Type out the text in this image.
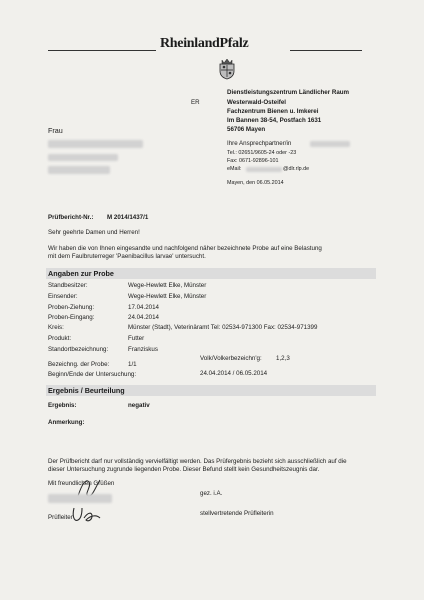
RheinlandPfalz
ER
Dienstleistungszentrum Ländlicher Raum
Westerwald-Osteifel
Fachzentrum Bienen u. Imkerei
Im Bannen 38-54, Postfach 1631
56706 Mayen
Ihre Ansprechpartner/in
Tel.: 02651/9605-24 oder -23
Fax: 0671-92896-101
eMail:	@dlr.rlp.de
Mayen, den 06.05.2014
Frau
Prüfbericht-Nr.: M 2014/1437/1
Sehr geehrte Damen und Herren!
Wir haben die von Ihnen eingesandte und nachfolgend näher bezeichnete Probe auf eine Belastung
mit dem Faulbruterreger 'Paenibacillus larvae' untersucht.
Angaben zur Probe
Standbesitzer:	Wege-Hewlett Elke, Münster
Einsender:	Wege-Hewlett Elke, Münster
Proben-Ziehung:	17.04.2014
Proben-Eingang:	24.04.2014
Kreis:	Münster (Stadt), Veterinäramt Tel: 02534-971300 Fax: 02534-971399
Produkt:	Futter
Standortbezeichnung:	Franziskus
Volk/Volkerbezeichn'g: 1,2,3
Bezeichng. der Probe:	1/1
Beginn/Ende der Untersuchung:	24.04.2014 / 06.05.2014
Ergebnis / Beurteilung
Ergebnis:	negativ
Anmerkung:
Der Prüfbericht darf nur vollständig vervielfältigt werden. Das Prüfergebnis bezieht sich ausschließlich auf die
dieser Untersuchung zugrunde liegenden Probe. Dieser Befund stellt kein Gesundheitszeugnis dar.
Mit freundlichen Grüßen
gez. i.A.
Prüfleiter
stellvertretende Prüfleiterin
